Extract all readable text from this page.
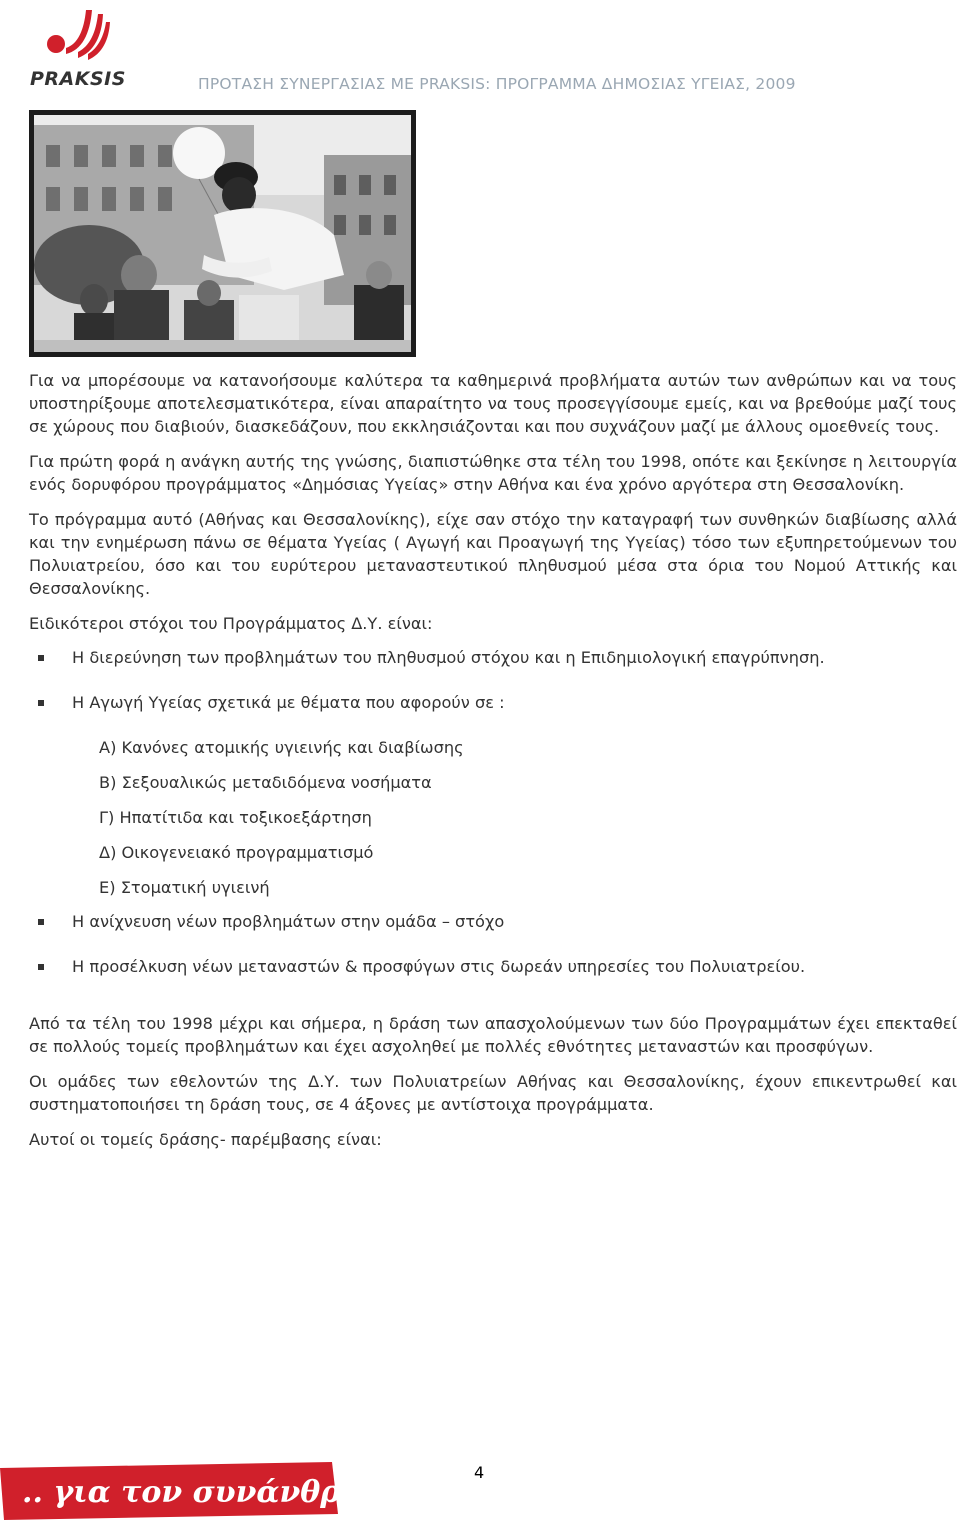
PRAKSIS	ΠΡΟΤΑΣΗ ΣΥΝΕΡΓΑΣΙΑΣ ΜΕ PRAKSIS: ΠΡΟΓΡΑΜΜΑ ΔΗΜΟΣΙΑΣ ΥΓΕΙΑΣ, 2009

Για να μπορέσουμε να κατανοήσουμε καλύτερα τα καθημερινά προβλήματα αυτών των ανθρώπων και να τους υποστηρίξουμε αποτελεσματικότερα, είναι απαραίτητο να τους προσεγγίσουμε εμείς, και να βρεθούμε μαζί τους σε χώρους που διαβιούν, διασκεδάζουν, που εκκλησιάζονται και που συχνάζουν μαζί με άλλους ομοεθνείς τους.

Για πρώτη φορά η ανάγκη αυτής της γνώσης, διαπιστώθηκε στα τέλη του 1998, οπότε και ξεκίνησε η λειτουργία ενός δορυφόρου προγράμματος «Δημόσιας Υγείας» στην Αθήνα και ένα χρόνο αργότερα στη Θεσσαλονίκη.

Το πρόγραμμα αυτό (Αθήνας και Θεσσαλονίκης), είχε σαν στόχο την καταγραφή των συνθηκών διαβίωσης αλλά και την ενημέρωση πάνω σε θέματα Υγείας ( Αγωγή και Προαγωγή της Υγείας) τόσο των εξυπηρετούμενων του Πολυιατρείου, όσο και του ευρύτερου μεταναστευτικού πληθυσμού μέσα στα όρια του Νομού Αττικής και Θεσσαλονίκης.

Ειδικότεροι στόχοι του Προγράμματος Δ.Υ. είναι:

Η διερεύνηση των προβλημάτων του πληθυσμού στόχου και η Επιδημιολογική επαγρύπνηση.
Η Αγωγή Υγείας σχετικά με θέματα που αφορούν σε :
Α) Κανόνες ατομικής υγιεινής και διαβίωσης
Β) Σεξουαλικώς μεταδιδόμενα νοσήματα
Γ) Ηπατίτιδα και τοξικοεξάρτηση
Δ) Οικογενειακό προγραμματισμό
Ε) Στοματική υγιεινή
Η ανίχνευση νέων προβλημάτων στην ομάδα – στόχο
Η προσέλκυση νέων μεταναστών & προσφύγων στις δωρεάν υπηρεσίες του Πολυιατρείου.

Από τα τέλη του 1998 μέχρι και σήμερα, η δράση των απασχολούμενων των δύο Προγραμμάτων έχει επεκταθεί σε πολλούς τομείς προβλημάτων και έχει ασχοληθεί με πολλές εθνότητες μεταναστών και προσφύγων.

Οι ομάδες των εθελοντών της Δ.Υ. των Πολυιατρείων Αθήνας και Θεσσαλονίκης, έχουν επικεντρωθεί και συστηματοποιήσει τη δράση τους, σε 4 άξονες με αντίστοιχα προγράμματα.

Αυτοί οι τομείς δράσης- παρέμβασης είναι:

.. για τον συνάνθρωπο!
4
